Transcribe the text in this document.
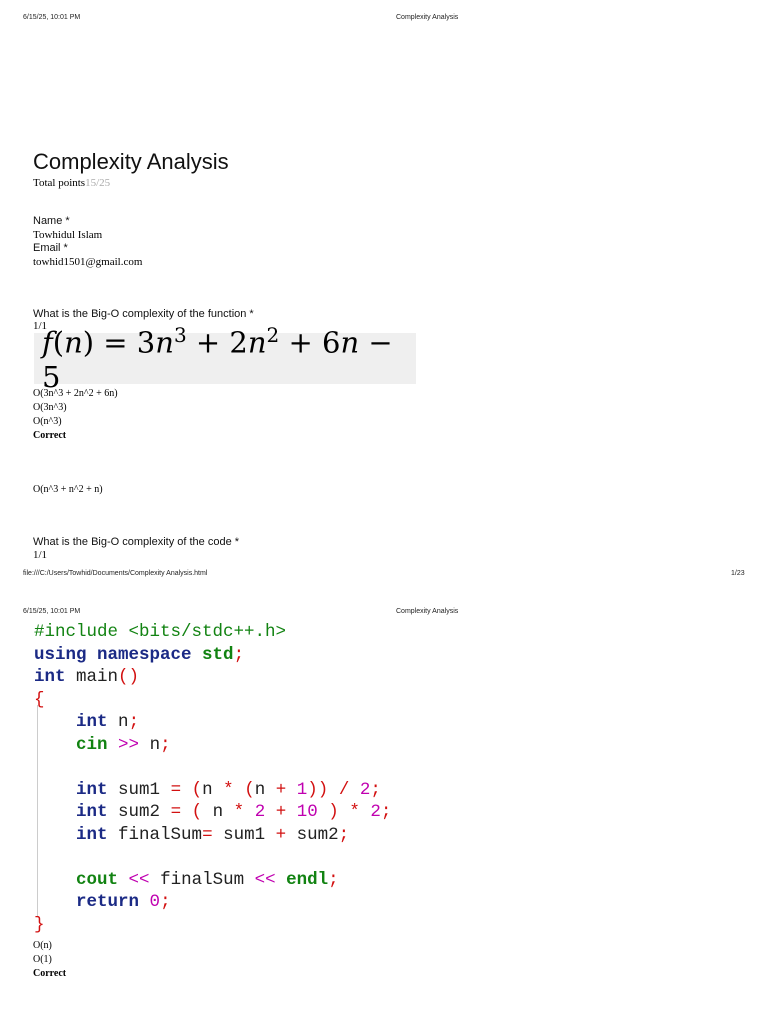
6/15/25, 10:01 PM	Complexity Analysis
Complexity Analysis
Total points15/25
Name *
Towhidul Islam
Email *
towhid1501@gmail.com
What is the Big-O complexity of the function *
1/1
$f(n) = 3n^3 + 2n^2 + 6n - 5$
O(3n^3 + 2n^2 + 6n)
O(3n^3)
O(n^3)
Correct
O(n^3 + n^2 + n)
What is the Big-O complexity of the code *
1/1
file:///C:/Users/Towhid/Documents/Complexity Analysis.html	1/23
6/15/25, 10:01 PM	Complexity Analysis
#include <bits/stdc++.h>
using namespace std;
int main()
{
int n;
cin >> n;

int sum1 = (n * (n + 1)) / 2;
int sum2 = ( n * 2 + 10 ) * 2;
int finalSum= sum1 + sum2;

cout << finalSum << endl;
return 0;
}
O(n)
O(1)
Correct
